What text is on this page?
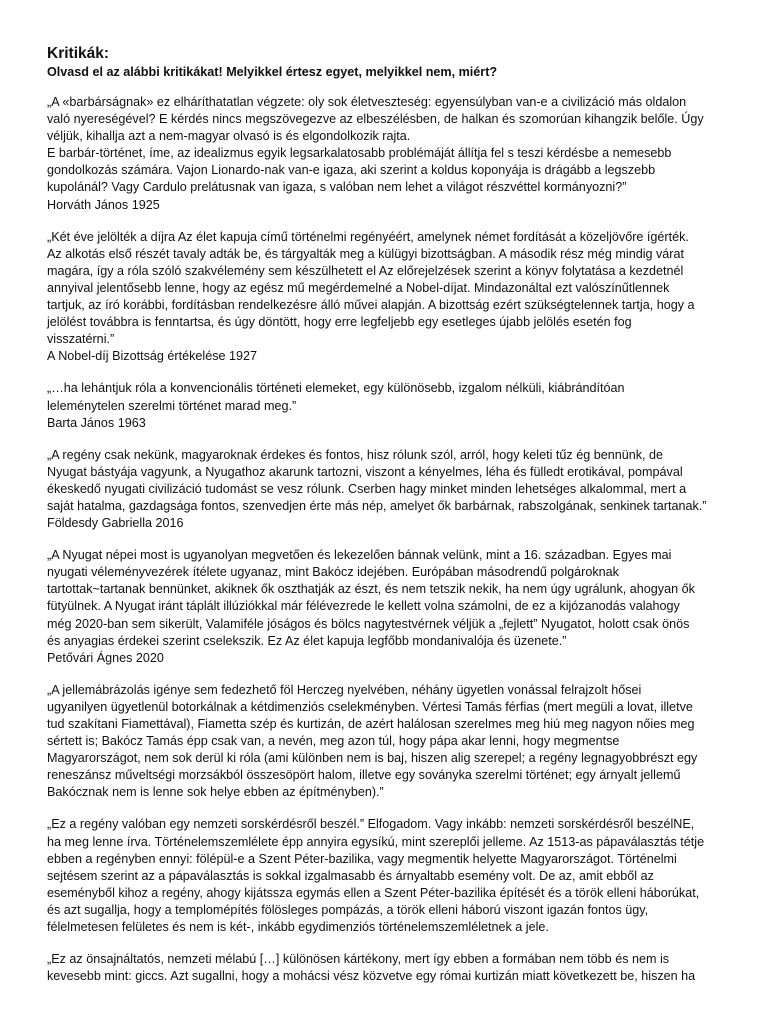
Kritikák:

Olvasd el az alábbi kritikákat! Melyikkel értesz egyet, melyikkel nem, miért?

„A «barbárságnak» ez elháríthatatlan végzete: oly sok életveszteség: egyensúlyban van-e a civilizáció más oldalon
való nyereségével? E kérdés nincs megszövegezve az elbeszélésben, de halkan és szomorúan kihangzik belőle. Úgy
véljük, kihallja azt a nem-magyar olvasó is és elgondolkozik rajta.
E barbár-történet, íme, az idealizmus egyik legsarkalatosabb problémáját állítja fel s teszi kérdésbe a nemesebb
gondolkozás számára. Vajon Lionardo-nak van-e igaza, aki szerint a koldus koponyája is drágább a legszebb
kupolánál? Vagy Cardulo prelátusnak van igaza, s valóban nem lehet a világot részvéttel kormányozni?”

Horváth János 1925

„Két éve jelölték a díjra Az élet kapuja című történelmi regényéért, amelynek német fordítását a közeljövőre ígérték.
Az alkotás első részét tavaly adták be, és tárgyalták meg a külügyi bizottságban. A második rész még mindig várat
magára, így a róla szóló szakvélemény sem készülhetett el Az előrejelzések szerint a könyv folytatása a kezdetnél
annyival jelentősebb lenne, hogy az egész mű megérdemelné a Nobel-díjat. Mindazonáltal ezt valószínűtlennek
tartjuk, az író korábbi, fordításban rendelkezésre álló művei alapján. A bizottság ezért szükségtelennek tartja, hogy a
jelölést továbbra is fenntartsa, és úgy döntött, hogy erre legfeljebb egy esetleges újabb jelölés esetén fog
visszatérni.”

A Nobel-díj Bizottság értékelése 1927

„…ha lehántjuk róla a konvencionális történeti elemeket, egy különösebb, izgalom nélküli, kiábrándítóan
leleménytelen szerelmi történet marad meg.”

Barta János 1963

„A regény csak nekünk, magyaroknak érdekes és fontos, hisz rólunk szól, arról, hogy keleti tűz ég bennünk, de
Nyugat bástyája vagyunk, a Nyugathoz akarunk tartozni, viszont a kényelmes, léha és fülledt erotikával, pompával
ékeskedő nyugati civilizáció tudomást se vesz rólunk. Cserben hagy minket minden lehetséges alkalommal, mert a
saját hatalma, gazdagsága fontos, szenvedjen érte más nép, amelyet ők barbárnak, rabszolgának, senkinek tartanak.”

Földesdy Gabriella 2016

„A Nyugat népei most is ugyanolyan megvetően és lekezelően bánnak velünk, mint a 16. században. Egyes mai
nyugati véleményvezérek ítélete ugyanaz, mint Bakócz idejében. Európában másodrendű polgároknak
tartottak~tartanak bennünket, akiknek ők oszthatják az észt, és nem tetszik nekik, ha nem úgy ugrálunk, ahogyan ők
fütyülnek. A Nyugat iránt táplált illúziókkal már félévezrede le kellett volna számolni, de ez a kijózanodás valahogy
még 2020-ban sem sikerült, Valamiféle jóságos és bölcs nagytestvérnek véljük a „fejlett” Nyugatot, holott csak önös
és anyagias érdekei szerint cselekszik. Ez Az élet kapuja legfőbb mondanivalója és üzenete.”

Petővári Ágnes 2020

„A jellemábrázolás igénye sem fedezhető föl Herczeg nyelvében, néhány ügyetlen vonással felrajzolt hősei
ugyanilyen ügyetlenül botorkálnak a kétdimenziós cselekményben. Vértesi Tamás férfias (mert megüli a lovat, illetve
tud szakítani Fiamettával), Fiametta szép és kurtizán, de azért halálosan szerelmes meg hiú meg nagyon nőies meg
sértett is; Bakócz Tamás épp csak van, a nevén, meg azon túl, hogy pápa akar lenni, hogy megmentse
Magyarországot, nem sok derül ki róla (ami különben nem is baj, hiszen alig szerepel; a regény legnagyobbrészt egy
reneszánsz műveltségi morzsákból összesöpört halom, illetve egy soványka szerelmi történet; egy árnyalt jellemű
Bakócznak nem is lenne sok helye ebben az építményben).”

„Ez a regény valóban egy nemzeti sorskérdésről beszél.” Elfogadom. Vagy inkább: nemzeti sorskérdésről beszélNE,
ha meg lenne írva. Történelemszemlélete épp annyira egysíkú, mint szereplői jelleme. Az 1513-as pápaválasztás tétje
ebben a regényben ennyi: fölépül-e a Szent Péter-bazilika, vagy megmentik helyette Magyarországot. Történelmi
sejtésem szerint az a pápaválasztás is sokkal izgalmasabb és árnyaltabb esemény volt. De az, amit ebből az
eseményből kihoz a regény, ahogy kijátssza egymás ellen a Szent Péter-bazilika építését és a török elleni háborúkat,
és azt sugallja, hogy a templomépítés fölösleges pompázás, a török elleni háború viszont igazán fontos ügy,
félelmetesen felületes és nem is két-, inkább egydimenziós történelemszemléletnek a jele.

„Ez az önsajnáltatós, nemzeti mélabú […] különösen kártékony, mert így ebben a formában nem több és nem is
kevesebb mint: giccs. Azt sugallni, hogy a mohácsi vész közvetve egy római kurtizán miatt következett be, hiszen ha
